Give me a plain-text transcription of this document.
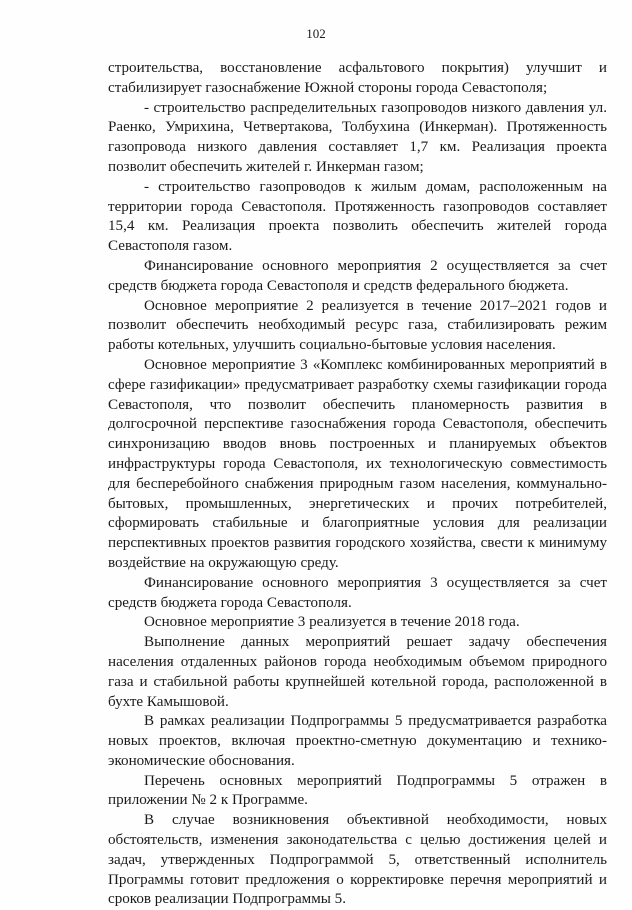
102

строительства, восстановление асфальтового покрытия) улучшит и стабилизирует газоснабжение Южной стороны города Севастополя;

- строительство распределительных газопроводов низкого давления ул. Раенко, Умрихина, Четвертакова, Толбухина (Инкерман). Протяженность газопровода низкого давления составляет 1,7 км. Реализация проекта позволит обеспечить жителей г. Инкерман газом;

- строительство газопроводов к жилым домам, расположенным на территории города Севастополя. Протяженность газопроводов составляет 15,4 км. Реализация проекта позволить обеспечить жителей города Севастополя газом.

Финансирование основного мероприятия 2 осуществляется за счет средств бюджета города Севастополя и средств федерального бюджета.

Основное мероприятие 2 реализуется в течение 2017–2021 годов и позволит обеспечить необходимый ресурс газа, стабилизировать режим работы котельных, улучшить социально-бытовые условия населения.

Основное мероприятие 3 «Комплекс комбинированных мероприятий в сфере газификации» предусматривает разработку схемы газификации города Севастополя, что позволит обеспечить планомерность развития в долгосрочной перспективе газоснабжения города Севастополя, обеспечить синхронизацию вводов вновь построенных и планируемых объектов инфраструктуры города Севастополя, их технологическую совместимость для бесперебойного снабжения природным газом населения, коммунально-бытовых, промышленных, энергетических и прочих потребителей, сформировать стабильные и благоприятные условия для реализации перспективных проектов развития городского хозяйства, свести к минимуму воздействие на окружающую среду.

Финансирование основного мероприятия 3 осуществляется за счет средств бюджета города Севастополя.

Основное мероприятие 3 реализуется в течение 2018 года.

Выполнение данных мероприятий решает задачу обеспечения населения отдаленных районов города необходимым объемом природного газа и стабильной работы крупнейшей котельной города, расположенной в бухте Камышовой.

В рамках реализации Подпрограммы 5 предусматривается разработка новых проектов, включая проектно-сметную документацию и технико-экономические обоснования.

Перечень основных мероприятий Подпрограммы 5 отражен в приложении № 2 к Программе.

В случае возникновения объективной необходимости, новых обстоятельств, изменения законодательства с целью достижения целей и задач, утвержденных Подпрограммой 5, ответственный исполнитель Программы готовит предложения о корректировке перечня мероприятий и сроков реализации Подпрограммы 5.
